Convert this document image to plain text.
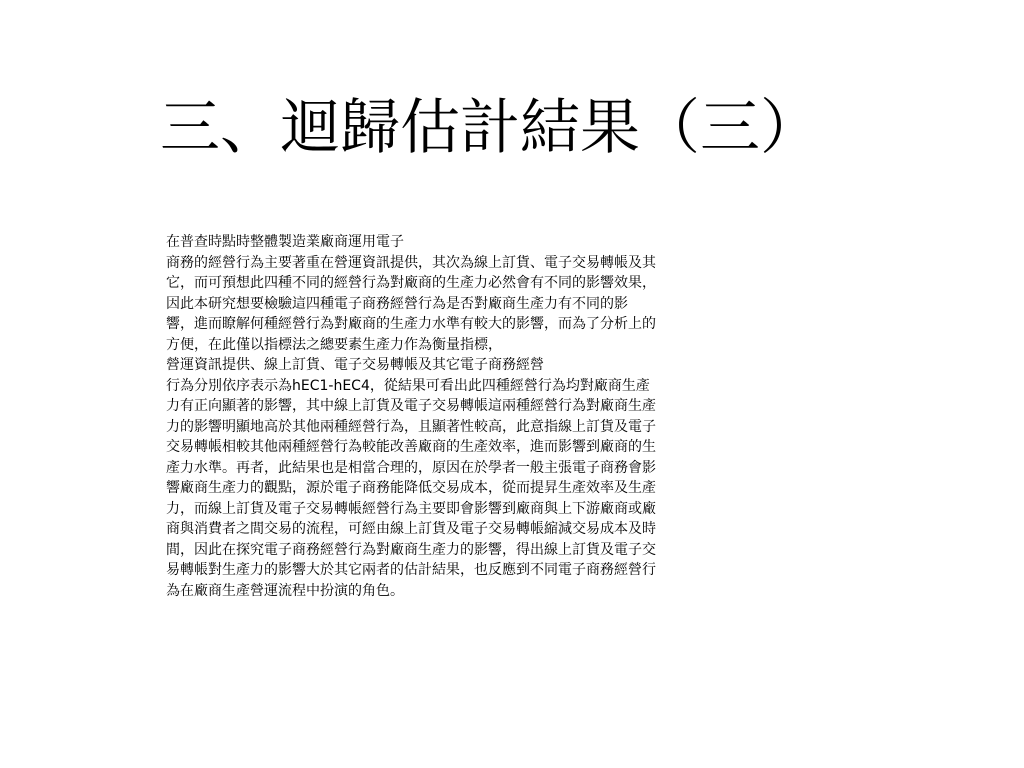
三、迴歸估計結果（三）
在普查時點時整體製造業廠商運用電子
商務的經營行為主要著重在營運資訊提供，其次為線上訂貨、電子交易轉帳及其
它，而可預想此四種不同的經營行為對廠商的生產力必然會有不同的影響效果，
因此本研究想要檢驗這四種電子商務經營行為是否對廠商生產力有不同的影
響，進而瞭解何種經營行為對廠商的生產力水準有較大的影響，而為了分析上的
方便，在此僅以指標法之總要素生產力作為衡量指標，
營運資訊提供、線上訂貨、電子交易轉帳及其它電子商務經營
行為分別依序表示為hEC1-hEC4，從結果可看出此四種經營行為均對廠商生產
力有正向顯著的影響，其中線上訂貨及電子交易轉帳這兩種經營行為對廠商生產
力的影響明顯地高於其他兩種經營行為，且顯著性較高，此意指線上訂貨及電子
交易轉帳相較其他兩種經營行為較能改善廠商的生產效率，進而影響到廠商的生
產力水準。再者，此結果也是相當合理的，原因在於學者一般主張電子商務會影
響廠商生產力的觀點，源於電子商務能降低交易成本，從而提昇生產效率及生產
力，而線上訂貨及電子交易轉帳經營行為主要即會影響到廠商與上下游廠商或廠
商與消費者之間交易的流程，可經由線上訂貨及電子交易轉帳縮減交易成本及時
間，因此在探究電子商務經營行為對廠商生產力的影響，得出線上訂貨及電子交
易轉帳對生產力的影響大於其它兩者的估計結果，也反應到不同電子商務經營行
為在廠商生產營運流程中扮演的角色。
